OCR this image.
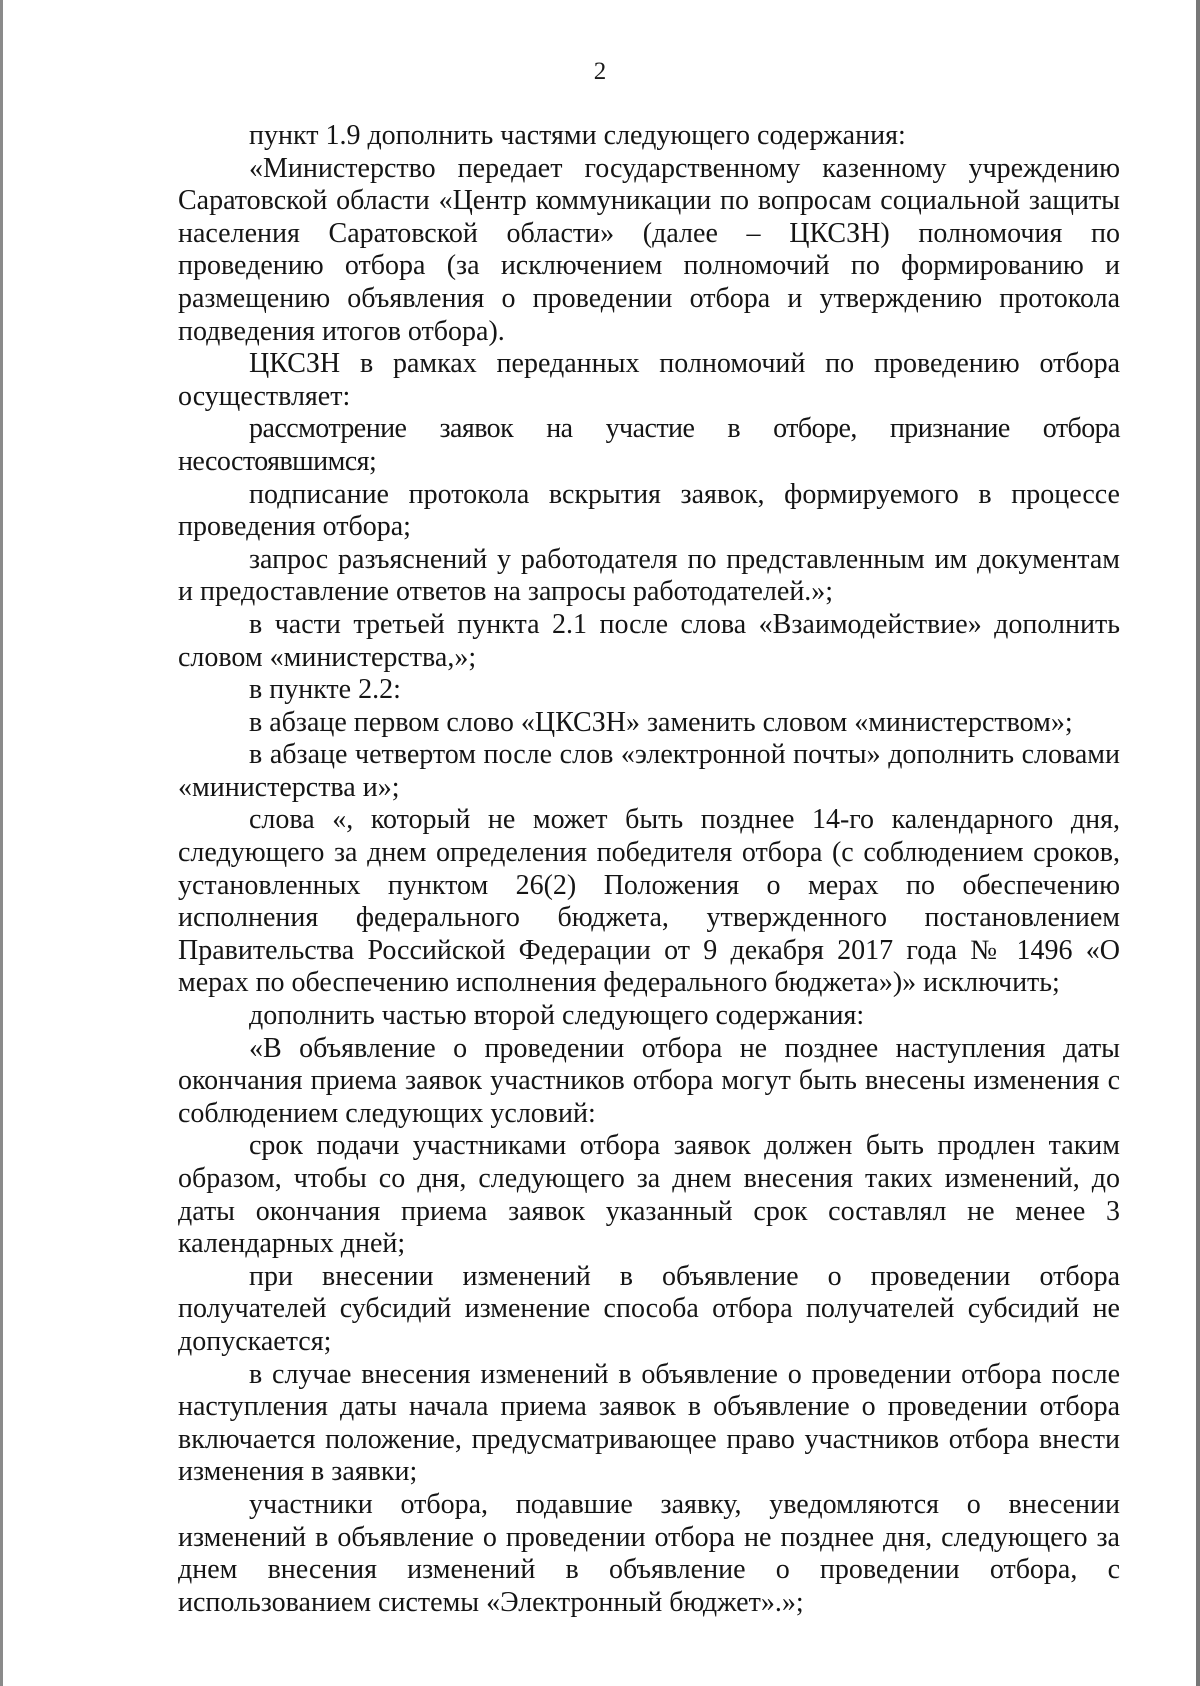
2

пункт 1.9 дополнить частями следующего содержания:

«Министерство передает государственному казенному учреждению Саратовской области «Центр коммуникации по вопросам социальной защиты населения Саратовской области» (далее – ЦКСЗН) полномочия по проведению отбора (за исключением полномочий по формированию и размещению объявления о проведении отбора и утверждению протокола подведения итогов отбора).

ЦКСЗН в рамках переданных полномочий по проведению отбора осуществляет:

рассмотрение заявок на участие в отборе, признание отбора несостоявшимся;

подписание протокола вскрытия заявок, формируемого в процессе проведения отбора;

запрос разъяснений у работодателя по представленным им документам и предоставление ответов на запросы работодателей.»;

в части третьей пункта 2.1 после слова «Взаимодействие» дополнить словом «министерства,»;

в пункте 2.2:

в абзаце первом слово «ЦКСЗН» заменить словом «министерством»;

в абзаце четвертом после слов «электронной почты» дополнить словами «министерства и»;

слова «, который не может быть позднее 14-го календарного дня, следующего за днем определения победителя отбора (с соблюдением сроков, установленных пунктом 26(2) Положения о мерах по обеспечению исполнения федерального бюджета, утвержденного постановлением Правительства Российской Федерации от 9 декабря 2017 года № 1496 «О мерах по обеспечению исполнения федерального бюджета»)» исключить;

дополнить частью второй следующего содержания:

«В объявление о проведении отбора не позднее наступления даты окончания приема заявок участников отбора могут быть внесены изменения с соблюдением следующих условий:

срок подачи участниками отбора заявок должен быть продлен таким образом, чтобы со дня, следующего за днем внесения таких изменений, до даты окончания приема заявок указанный срок составлял не менее 3 календарных дней;

при внесении изменений в объявление о проведении отбора получателей субсидий изменение способа отбора получателей субсидий не допускается;

в случае внесения изменений в объявление о проведении отбора после наступления даты начала приема заявок в объявление о проведении отбора включается положение, предусматривающее право участников отбора внести изменения в заявки;

участники отбора, подавшие заявку, уведомляются о внесении изменений в объявление о проведении отбора не позднее дня, следующего за днем внесения изменений в объявление о проведении отбора, с использованием системы «Электронный бюджет».»;
